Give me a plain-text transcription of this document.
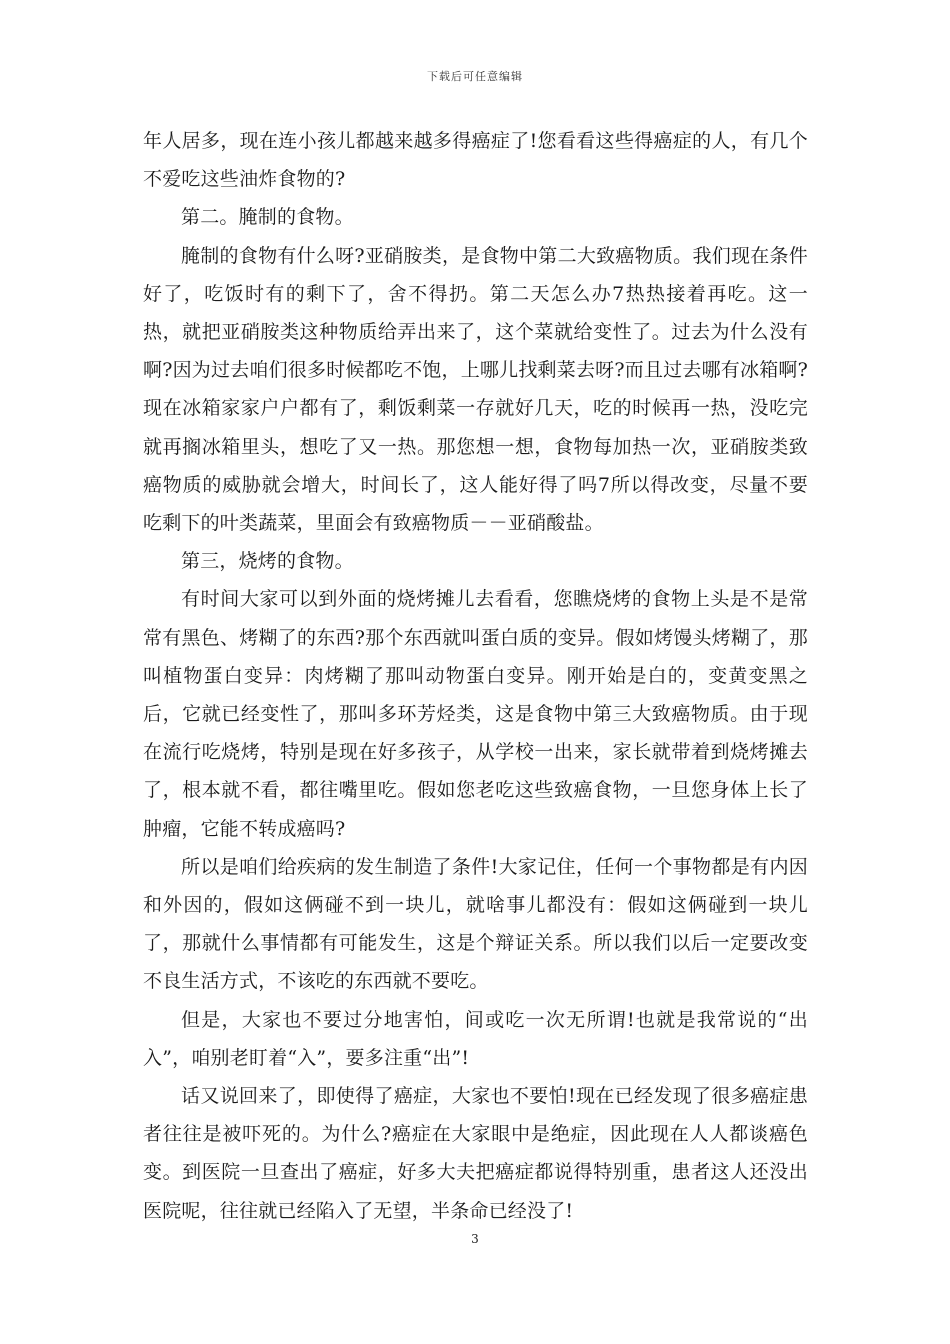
下载后可任意编辑

年人居多，现在连小孩儿都越来越多得癌症了!您看看这些得癌症的人，有几个不爱吃这些油炸食物的?

第二。腌制的食物。

腌制的食物有什么呀?亚硝胺类，是食物中第二大致癌物质。我们现在条件好了，吃饭时有的剩下了，舍不得扔。第二天怎么办7热热接着再吃。这一热，就把亚硝胺类这种物质给弄出来了，这个菜就给变性了。过去为什么没有啊?因为过去咱们很多时候都吃不饱，上哪儿找剩菜去呀?而且过去哪有冰箱啊?现在冰箱家家户户都有了，剩饭剩菜一存就好几天，吃的时候再一热，没吃完就再搁冰箱里头，想吃了又一热。那您想一想，食物每加热一次，亚硝胺类致癌物质的威胁就会增大，时间长了，这人能好得了吗7所以得改变，尽量不要吃剩下的叶类蔬菜，里面会有致癌物质－－亚硝酸盐。

第三，烧烤的食物。

有时间大家可以到外面的烧烤摊儿去看看，您瞧烧烤的食物上头是不是常常有黑色、烤糊了的东西?那个东西就叫蛋白质的变异。假如烤馒头烤糊了，那叫植物蛋白变异：肉烤糊了那叫动物蛋白变异。刚开始是白的，变黄变黑之后，它就已经变性了，那叫多环芳烃类，这是食物中第三大致癌物质。由于现在流行吃烧烤，特别是现在好多孩子，从学校一出来，家长就带着到烧烤摊去了，根本就不看，都往嘴里吃。假如您老吃这些致癌食物，一旦您身体上长了肿瘤，它能不转成癌吗?

所以是咱们给疾病的发生制造了条件!大家记住，任何一个事物都是有内因和外因的，假如这俩碰不到一块儿，就啥事儿都没有：假如这俩碰到一块儿了，那就什么事情都有可能发生，这是个辩证关系。所以我们以后一定要改变不良生活方式，不该吃的东西就不要吃。

但是，大家也不要过分地害怕，间或吃一次无所谓!也就是我常说的“出入”，咱别老盯着“入”，要多注重“出”!

话又说回来了，即使得了癌症，大家也不要怕!现在已经发现了很多癌症患者往往是被吓死的。为什么?癌症在大家眼中是绝症，因此现在人人都谈癌色变。到医院一旦查出了癌症，好多大夫把癌症都说得特别重，患者这人还没出医院呢，往往就已经陷入了无望，半条命已经没了!

3
